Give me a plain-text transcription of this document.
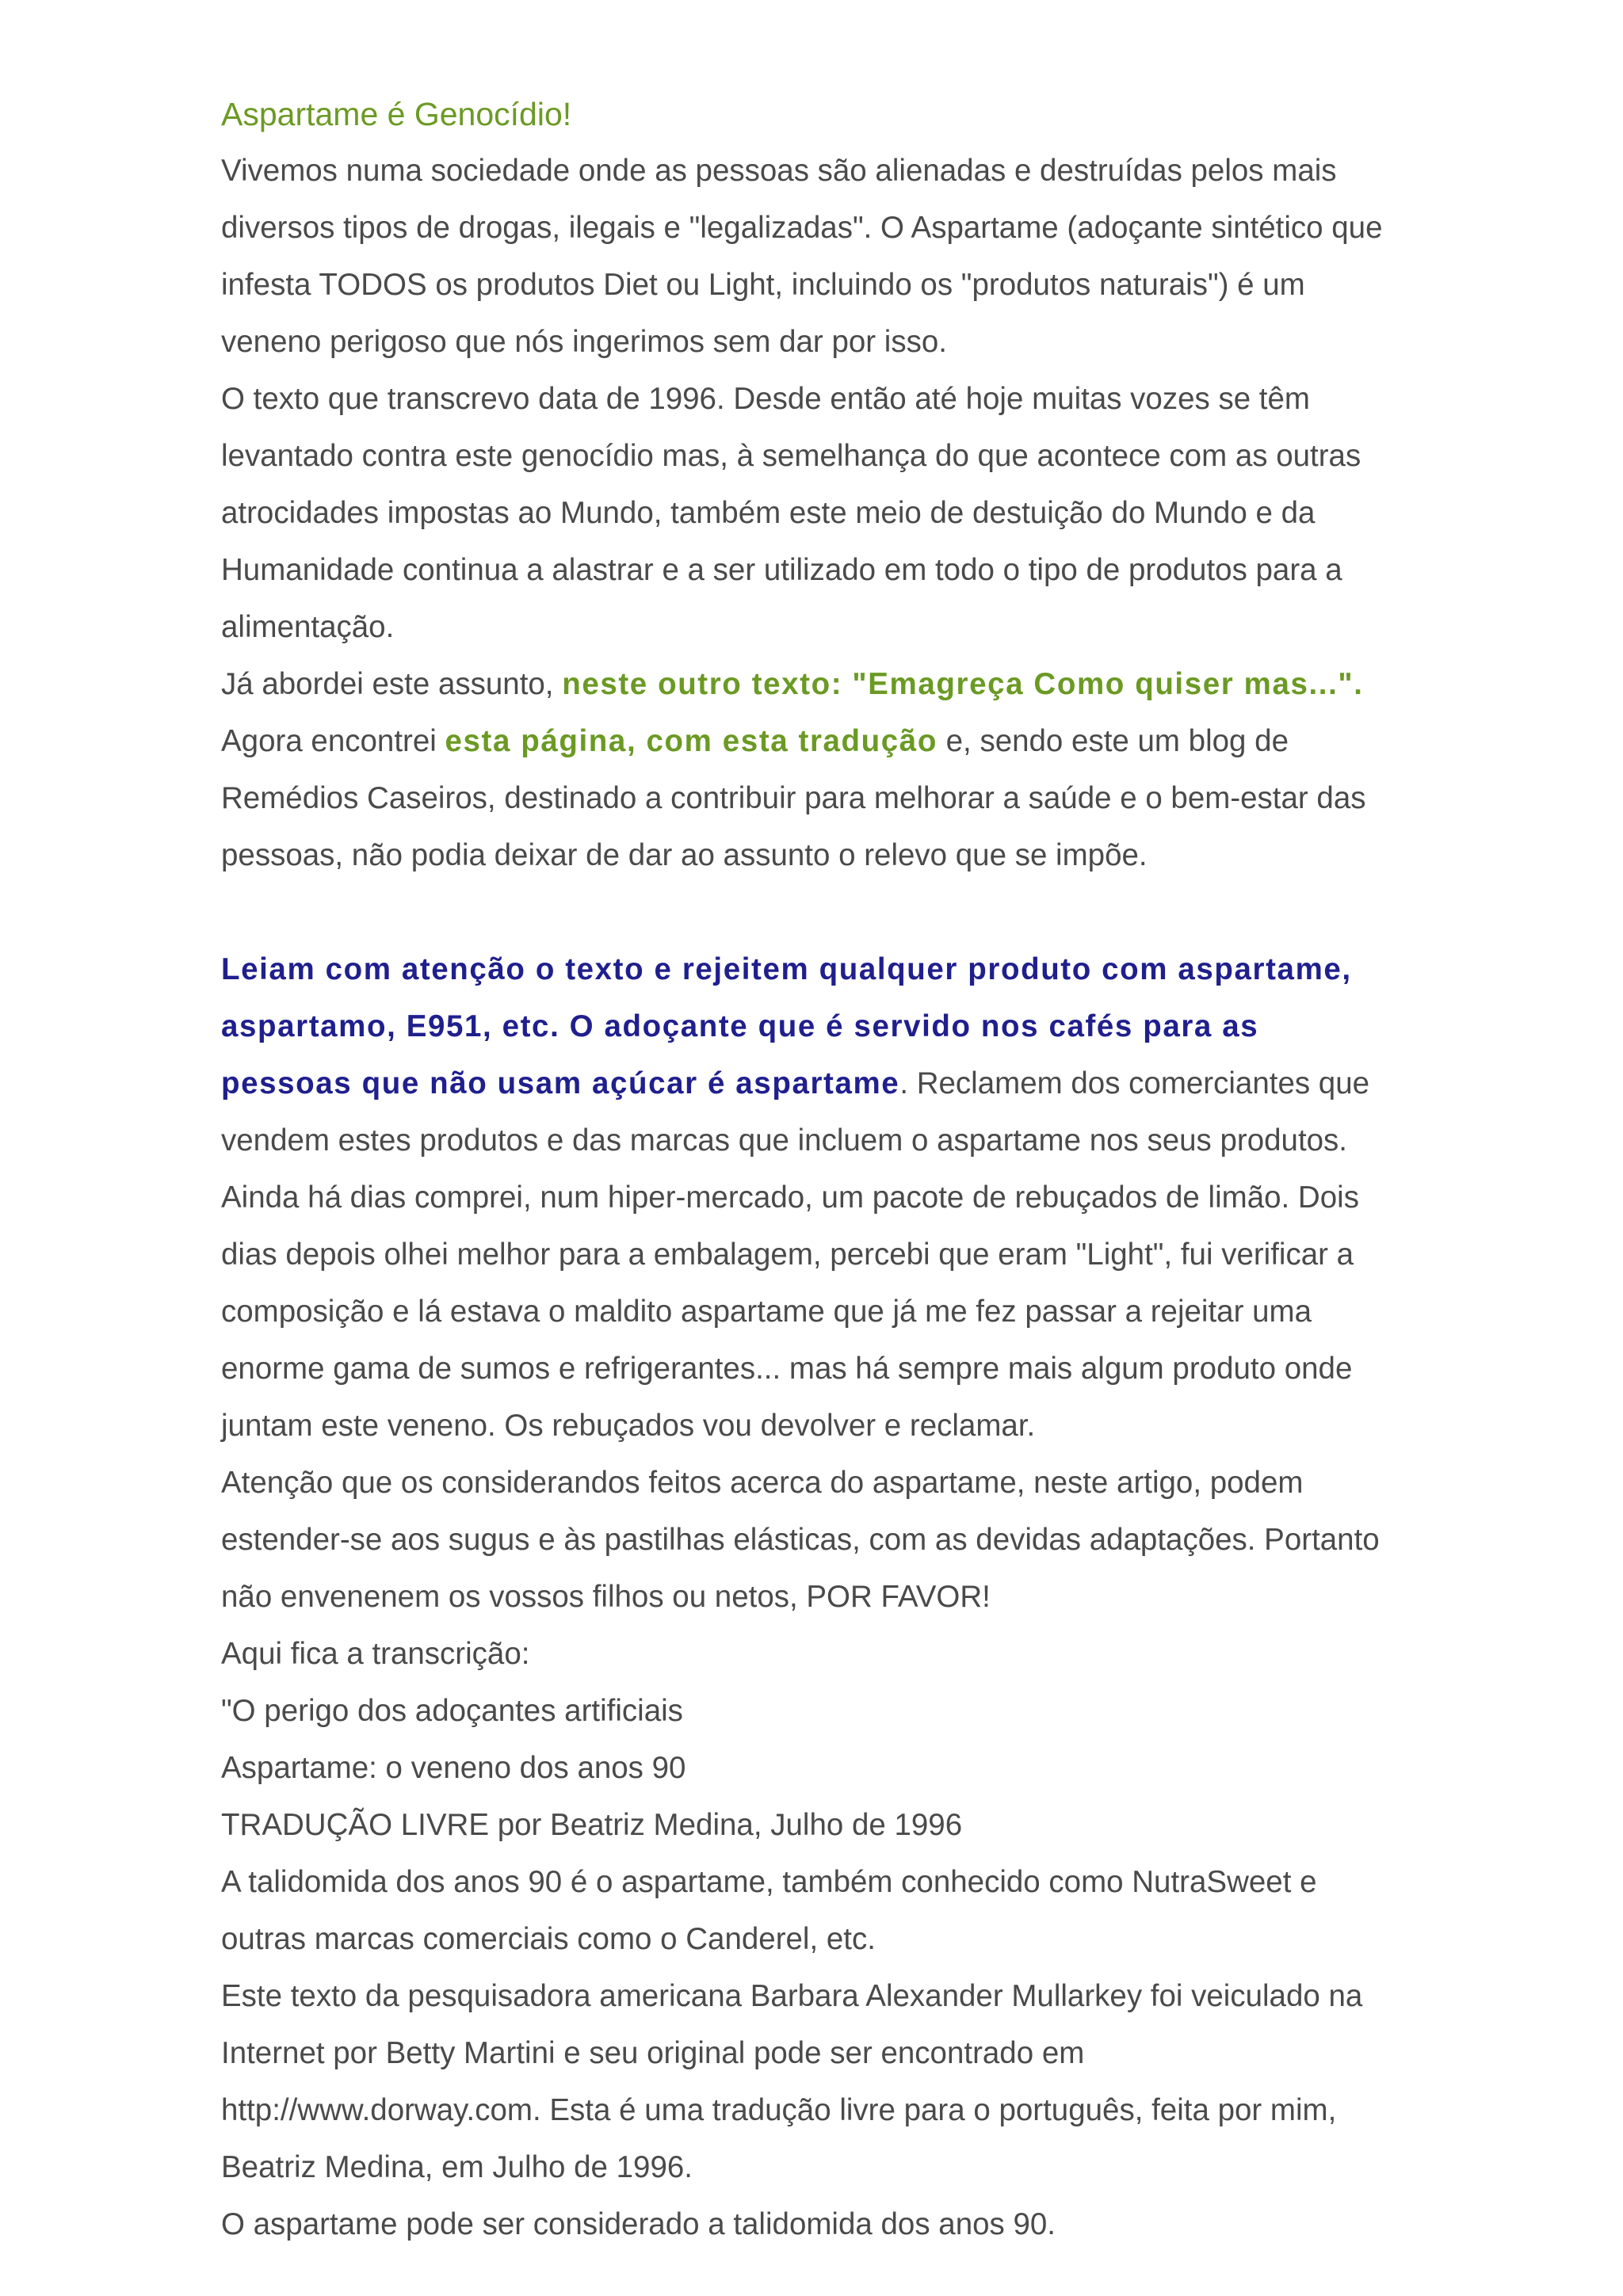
Aspartame é Genocídio!
Vivemos numa sociedade onde as pessoas são alienadas e destruídas pelos mais
diversos tipos de drogas, ilegais e "legalizadas". O Aspartame (adoçante sintético que
infesta TODOS os produtos Diet ou Light, incluindo os "produtos naturais") é um
veneno perigoso que nós ingerimos sem dar por isso.
O texto que transcrevo data de 1996. Desde então até hoje muitas vozes se têm
levantado contra este genocídio mas, à semelhança do que acontece com as outras
atrocidades impostas ao Mundo, também este meio de destuição do Mundo e da
Humanidade continua a alastrar e a ser utilizado em todo o tipo de produtos para a
alimentação.
Já abordei este assunto, neste outro texto: "Emagreça Como quiser mas...".
Agora encontrei esta página, com esta tradução e, sendo este um blog de
Remédios Caseiros, destinado a contribuir para melhorar a saúde e o bem-estar das
pessoas, não podia deixar de dar ao assunto o relevo que se impõe.
Leiam com atenção o texto e rejeitem qualquer produto com aspartame,
aspartamo, E951, etc. O adoçante que é servido nos cafés para as
pessoas que não usam açúcar é aspartame. Reclamem dos comerciantes que
vendem estes produtos e das marcas que incluem o aspartame nos seus produtos.
Ainda há dias comprei, num hiper-mercado, um pacote de rebuçados de limão. Dois
dias depois olhei melhor para a embalagem, percebi que eram "Light", fui verificar a
composição e lá estava o maldito aspartame que já me fez passar a rejeitar uma
enorme gama de sumos e refrigerantes... mas há sempre mais algum produto onde
juntam este veneno. Os rebuçados vou devolver e reclamar.
Atenção que os considerandos feitos acerca do aspartame, neste artigo, podem
estender-se aos sugus e às pastilhas elásticas, com as devidas adaptações. Portanto
não envenenem os vossos filhos ou netos, POR FAVOR!
Aqui fica a transcrição:
"O perigo dos adoçantes artificiais
Aspartame: o veneno dos anos 90
TRADUÇÃO LIVRE por Beatriz Medina, Julho de 1996
A talidomida dos anos 90 é o aspartame, também conhecido como NutraSweet e
outras marcas comerciais como o Canderel, etc.
Este texto da pesquisadora americana Barbara Alexander Mullarkey foi veiculado na
Internet por Betty Martini e seu original pode ser encontrado em
http://www.dorway.com. Esta é uma tradução livre para o português, feita por mim,
Beatriz Medina, em Julho de 1996.
O aspartame pode ser considerado a talidomida dos anos 90.
